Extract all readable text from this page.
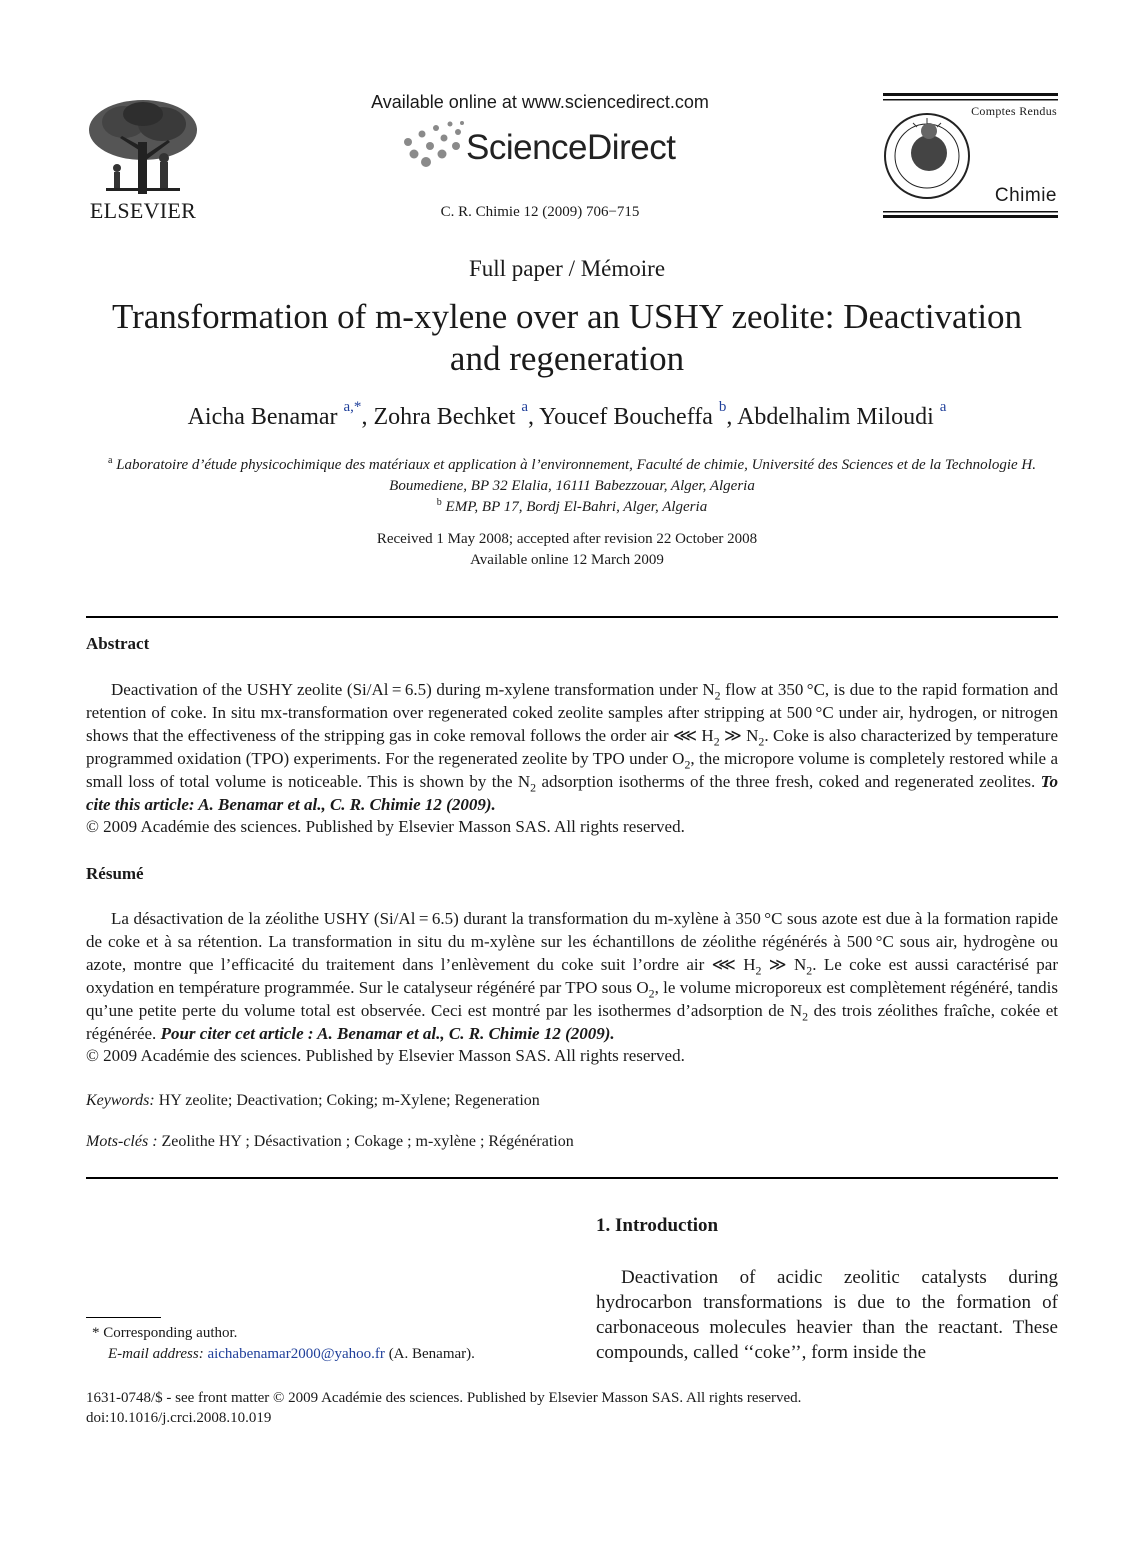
ELSEVIER
Available online at www.sciencedirect.com
ScienceDirect
C. R. Chimie 12 (2009) 706−715
Comptes Rendus
Chimie
Full paper / Mémoire
Transformation of m-xylene over an USHY zeolite: Deactivation and regeneration
Aicha Benamar $^{a,*}$, Zohra Bechket $^a$, Youcef Boucheffa $^b$, Abdelhalim Miloudi $^a$
$^a$ Laboratoire d’étude physicochimique des matériaux et application à l’environnement, Faculté de chimie, Université des Sciences et de la Technologie H. Boumediene, BP 32 Elalia, 16111 Babezzouar, Alger, Algeria
$^b$ EMP, BP 17, Bordj El-Bahri, Alger, Algeria
Received 1 May 2008; accepted after revision 22 October 2008
Available online 12 March 2009
Abstract

Deactivation of the USHY zeolite (Si/Al = 6.5) during m-xylene transformation under $N_2$ flow at 350 °C, is due to the rapid formation and retention of coke. In situ mx-transformation over regenerated coked zeolite samples after stripping at 500 °C under air, hydrogen, or nitrogen shows that the effectiveness of the stripping gas in coke removal follows the order air ⋘ $H_2$ ≫ $N_2$. Coke is also characterized by temperature programmed oxidation (TPO) experiments. For the regenerated zeolite by TPO under $O_2$, the micropore volume is completely restored while a small loss of total volume is noticeable. This is shown by the $N_2$ adsorption isotherms of the three fresh, coked and regenerated zeolites. To cite this article: A. Benamar et al., C. R. Chimie 12 (2009).

© 2009 Académie des sciences. Published by Elsevier Masson SAS. All rights reserved.
Résumé

La désactivation de la zéolithe USHY (Si/Al = 6.5) durant la transformation du m-xylène à 350 °C sous azote est due à la formation rapide de coke et à sa rétention. La transformation in situ du m-xylène sur les échantillons de zéolithe régénérés à 500 °C sous air, hydrogène ou azote, montre que l’efficacité du traitement dans l’enlèvement du coke suit l’ordre air ⋘ $H_2$ ≫ $N_2$. Le coke est aussi caractérisé par oxydation en température programmée. Sur le catalyseur régénéré par TPO sous $O_2$, le volume microporeux est complètement régénéré, tandis qu’une petite perte du volume total est observée. Ceci est montré par les isothermes d’adsorption de $N_2$ des trois zéolithes fraîche, cokée et régénérée. Pour citer cet article : A. Benamar et al., C. R. Chimie 12 (2009).

© 2009 Académie des sciences. Published by Elsevier Masson SAS. All rights reserved.
Keywords: HY zeolite; Deactivation; Coking; m-Xylene; Regeneration
Mots-clés : Zeolithe HY ; Désactivation ; Cokage ; m-xylène ; Régénération
* Corresponding author.
E-mail address: aichabenamar2000@yahoo.fr (A. Benamar).
1. Introduction

Deactivation of acidic zeolitic catalysts during hydrocarbon transformations is due to the formation of carbonaceous molecules heavier than the reactant. These compounds, called ‘‘coke’’, form inside the

1631-0748/$ - see front matter © 2009 Académie des sciences. Published by Elsevier Masson SAS. All rights reserved.
doi:10.1016/j.crci.2008.10.019
